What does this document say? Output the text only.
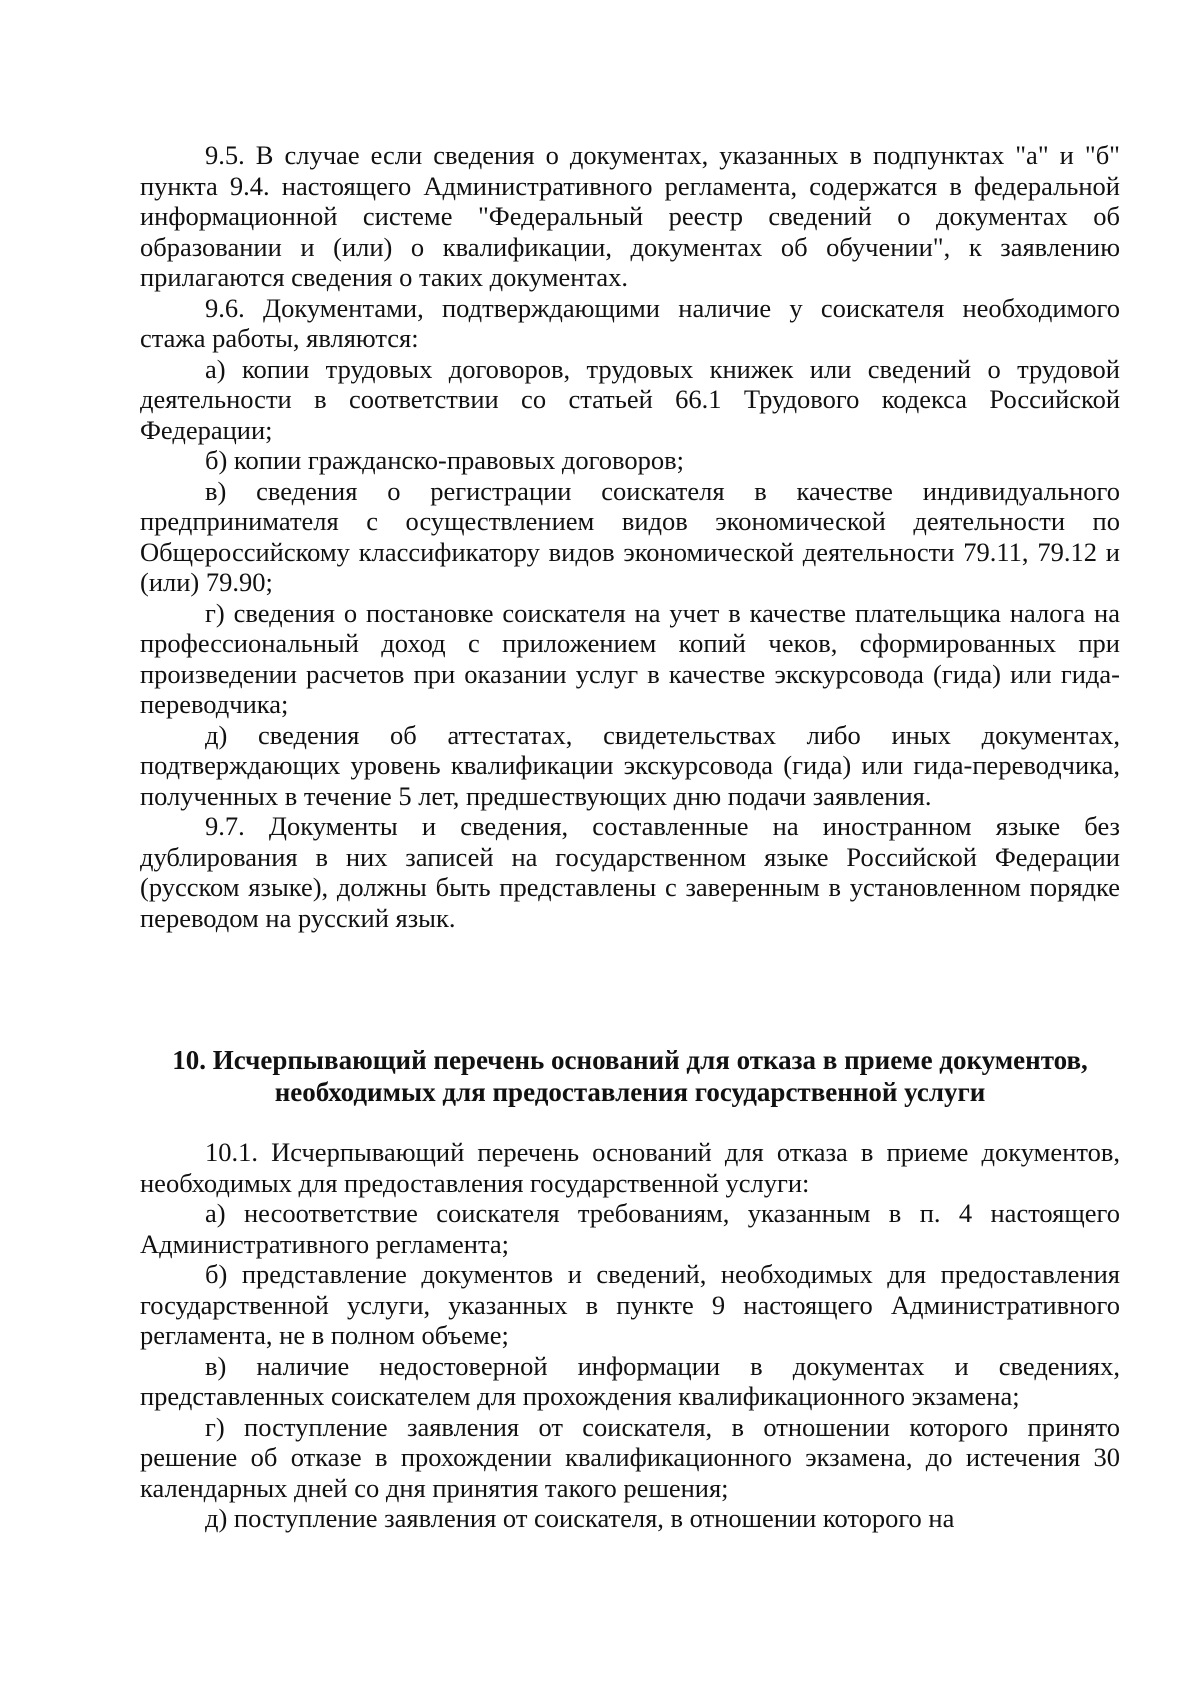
9.5. В случае если сведения о документах, указанных в подпунктах "а" и "б" пункта 9.4. настоящего Административного регламента, содержатся в федеральной информационной системе "Федеральный реестр сведений о документах об образовании и (или) о квалификации, документах об обучении", к заявлению прилагаются сведения о таких документах.

9.6. Документами, подтверждающими наличие у соискателя необходимого стажа работы, являются:

а) копии трудовых договоров, трудовых книжек или сведений о трудовой деятельности в соответствии со статьей 66.1 Трудового кодекса Российской Федерации;

б) копии гражданско-правовых договоров;

в) сведения о регистрации соискателя в качестве индивидуального предпринимателя с осуществлением видов экономической деятельности по Общероссийскому классификатору видов экономической деятельности 79.11, 79.12 и (или) 79.90;

г) сведения о постановке соискателя на учет в качестве плательщика налога на профессиональный доход с приложением копий чеков, сформированных при произведении расчетов при оказании услуг в качестве экскурсовода (гида) или гида-переводчика;

д) сведения об аттестатах, свидетельствах либо иных документах, подтверждающих уровень квалификации экскурсовода (гида) или гида-переводчика, полученных в течение 5 лет, предшествующих дню подачи заявления.

9.7. Документы и сведения, составленные на иностранном языке без дублирования в них записей на государственном языке Российской Федерации (русском языке), должны быть представлены с заверенным в установленном порядке переводом на русский язык.

10. Исчерпывающий перечень оснований для отказа в приеме документов, необходимых для предоставления государственной услуги

10.1. Исчерпывающий перечень оснований для отказа в приеме документов, необходимых для предоставления государственной услуги:

а) несоответствие соискателя требованиям, указанным в п. 4 настоящего Административного регламента;

б) представление документов и сведений, необходимых для предоставления государственной услуги, указанных в пункте 9 настоящего Административного регламента, не в полном объеме;

в) наличие недостоверной информации в документах и сведениях, представленных соискателем для прохождения квалификационного экзамена;

г) поступление заявления от соискателя, в отношении которого принято решение об отказе в прохождении квалификационного экзамена, до истечения 30 календарных дней со дня принятия такого решения;

д) поступление заявления от соискателя, в отношении которого на
